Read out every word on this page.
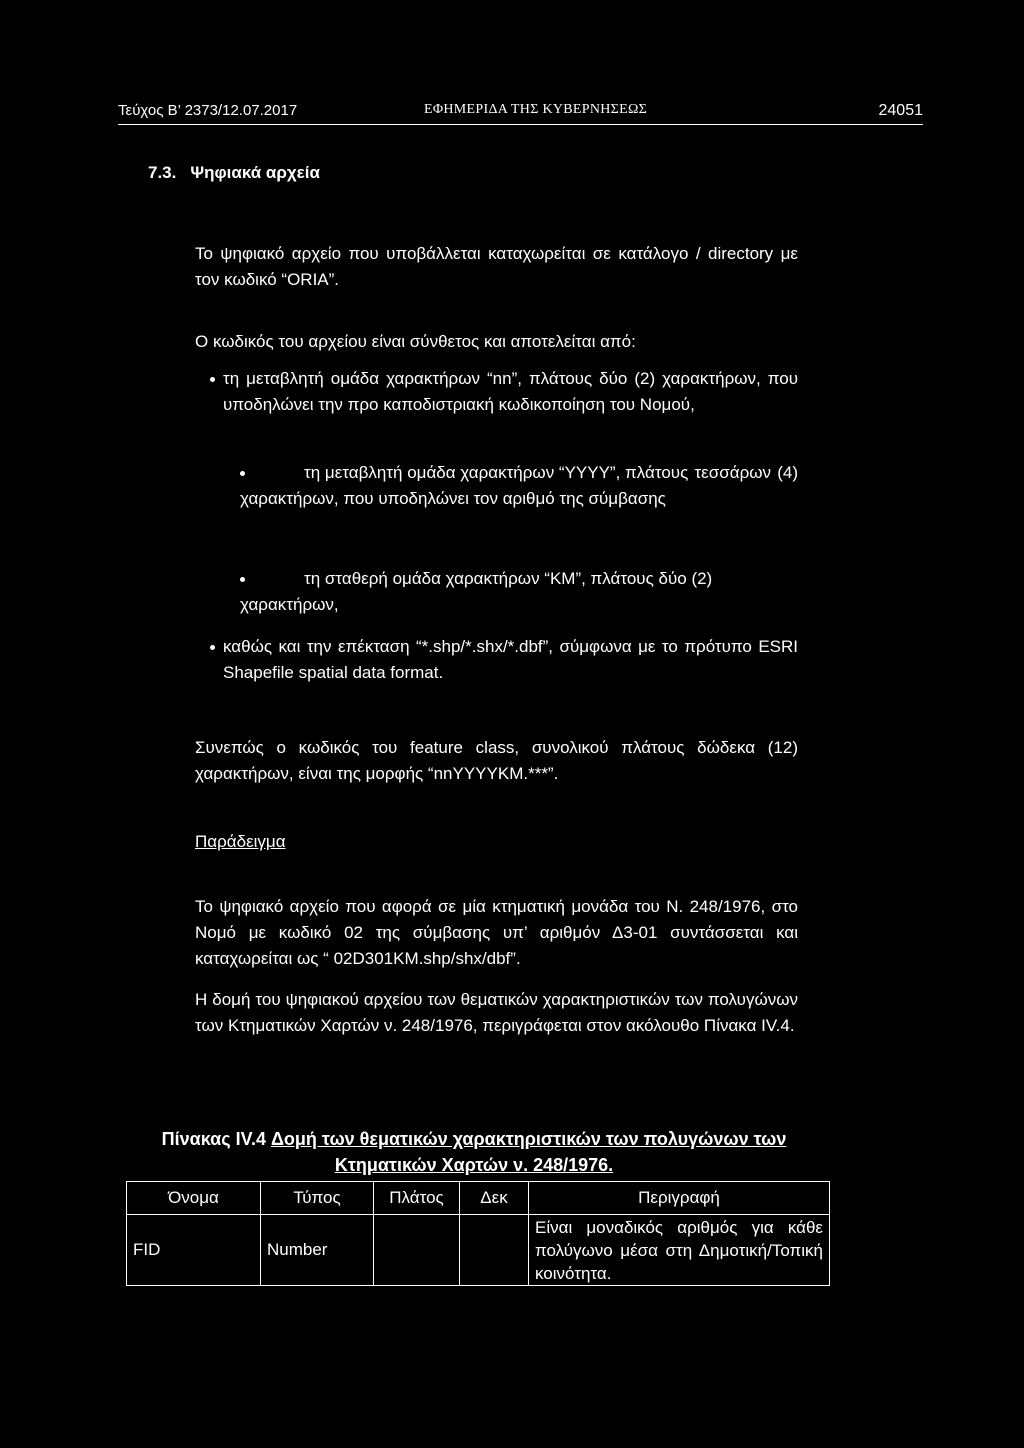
Τεύχος Β’ 2373/12.07.2017	ΕΦΗΜΕΡΙΔΑ ΤΗΣ ΚΥΒΕΡΝΗΣΕΩΣ	24051
7.3. Ψηφιακά αρχεία

Το ψηφιακό αρχείο που υποβάλλεται καταχωρείται σε κατάλογο / directory με τον κωδικό “ORIA”.

Ο κωδικός του αρχείου είναι σύνθετος και αποτελείται από:

τη μεταβλητή ομάδα χαρακτήρων “nn”, πλάτους δύο (2) χαρακτήρων, που υποδηλώνει την προ καποδιστριακή κωδικοποίηση του Νομού,
τη μεταβλητή ομάδα χαρακτήρων “YYYY”, πλάτους τεσσάρων (4) χαρακτήρων, που υποδηλώνει τον αριθμό της σύμβασης
τη σταθερή ομάδα χαρακτήρων “KM”, πλάτους δύο (2) χαρακτήρων,
καθώς και την επέκταση “*.shp/*.shx/*.dbf”, σύμφωνα με το πρότυπο ESRI Shapefile spatial data format.

Συνεπώς ο κωδικός του feature class, συνολικού πλάτους δώδεκα (12) χαρακτήρων, είναι της μορφής “nnYYYYKM.***”.

Παράδειγμα

Το ψηφιακό αρχείο που αφορά σε μία κτηματική μονάδα του Ν. 248/1976, στο Νομό με κωδικό 02 της σύμβασης υπ’ αριθμόν Δ3-01 συντάσσεται και καταχωρείται ως “ 02D301KM.shp/shx/dbf”.

Η δομή του ψηφιακού αρχείου των θεματικών χαρακτηριστικών των πολυγώνων των Κτηματικών Χαρτών ν. 248/1976, περιγράφεται στον ακόλουθο Πίνακα IV.4.

Πίνακας IV.4 Δομή των θεματικών χαρακτηριστικών των πολυγώνων των Κτηματικών Χαρτών ν. 248/1976.

Όνομα	Τύπος	Πλάτος	Δεκ	Περιγραφή
FID	Number			Είναι μοναδικός αριθμός για κάθε πολύγωνο μέσα στη Δημοτική/Τοπική κοινότητα.
